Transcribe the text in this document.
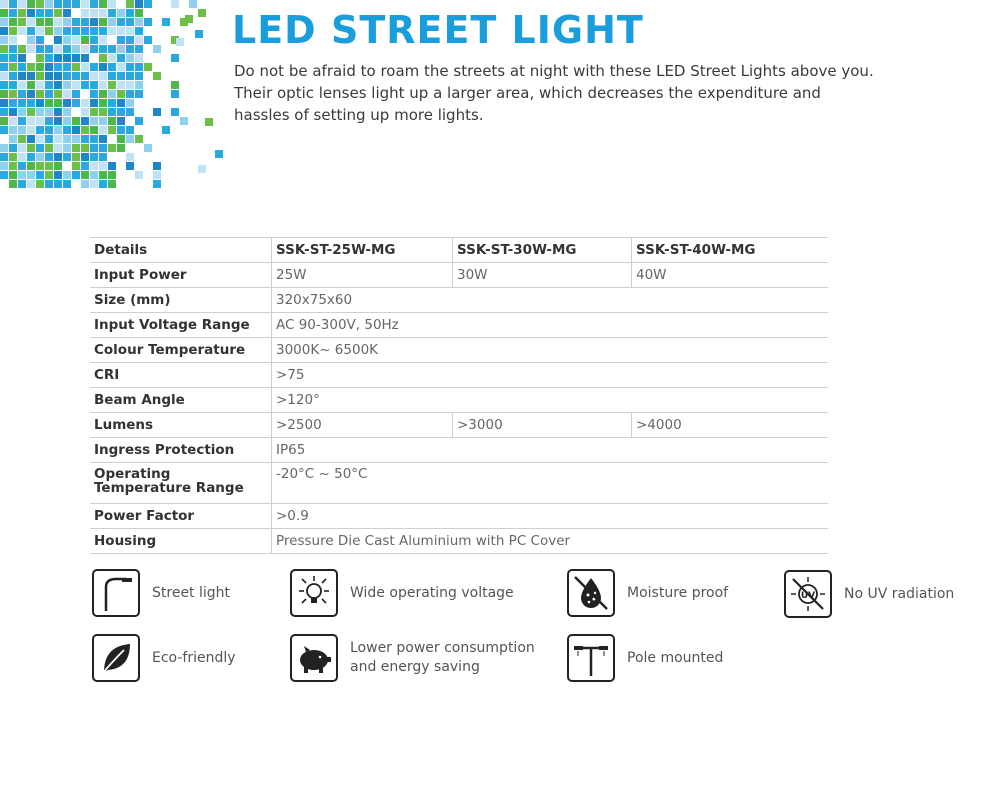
LED STREET LIGHT

Do not be afraid to roam the streets at night with these LED Street Lights above you. Their optic lenses light up a larger area, which decreases the expenditure and hassles of setting up more lights.

Details	SSK-ST-25W-MG	SSK-ST-30W-MG	SSK-ST-40W-MG
Input Power	25W	30W	40W
Size (mm)	320x75x60		
Input Voltage Range	AC 90-300V, 50Hz		
Colour Temperature	3000K~ 6500K		
CRI	>75		
Beam Angle	>120°		
Lumens	>2500	>3000	>4000
Ingress Protection	IP65		
Operating Temperature Range	-20°C ~ 50°C		
Power Factor	>0.9		
Housing	Pressure Die Cast Aluminium with PC Cover		
Street light	Wide operating voltage	Moisture proof	UV No UV radiation
Eco-friendly
Lower power consumption
and energy saving
Pole mounted
